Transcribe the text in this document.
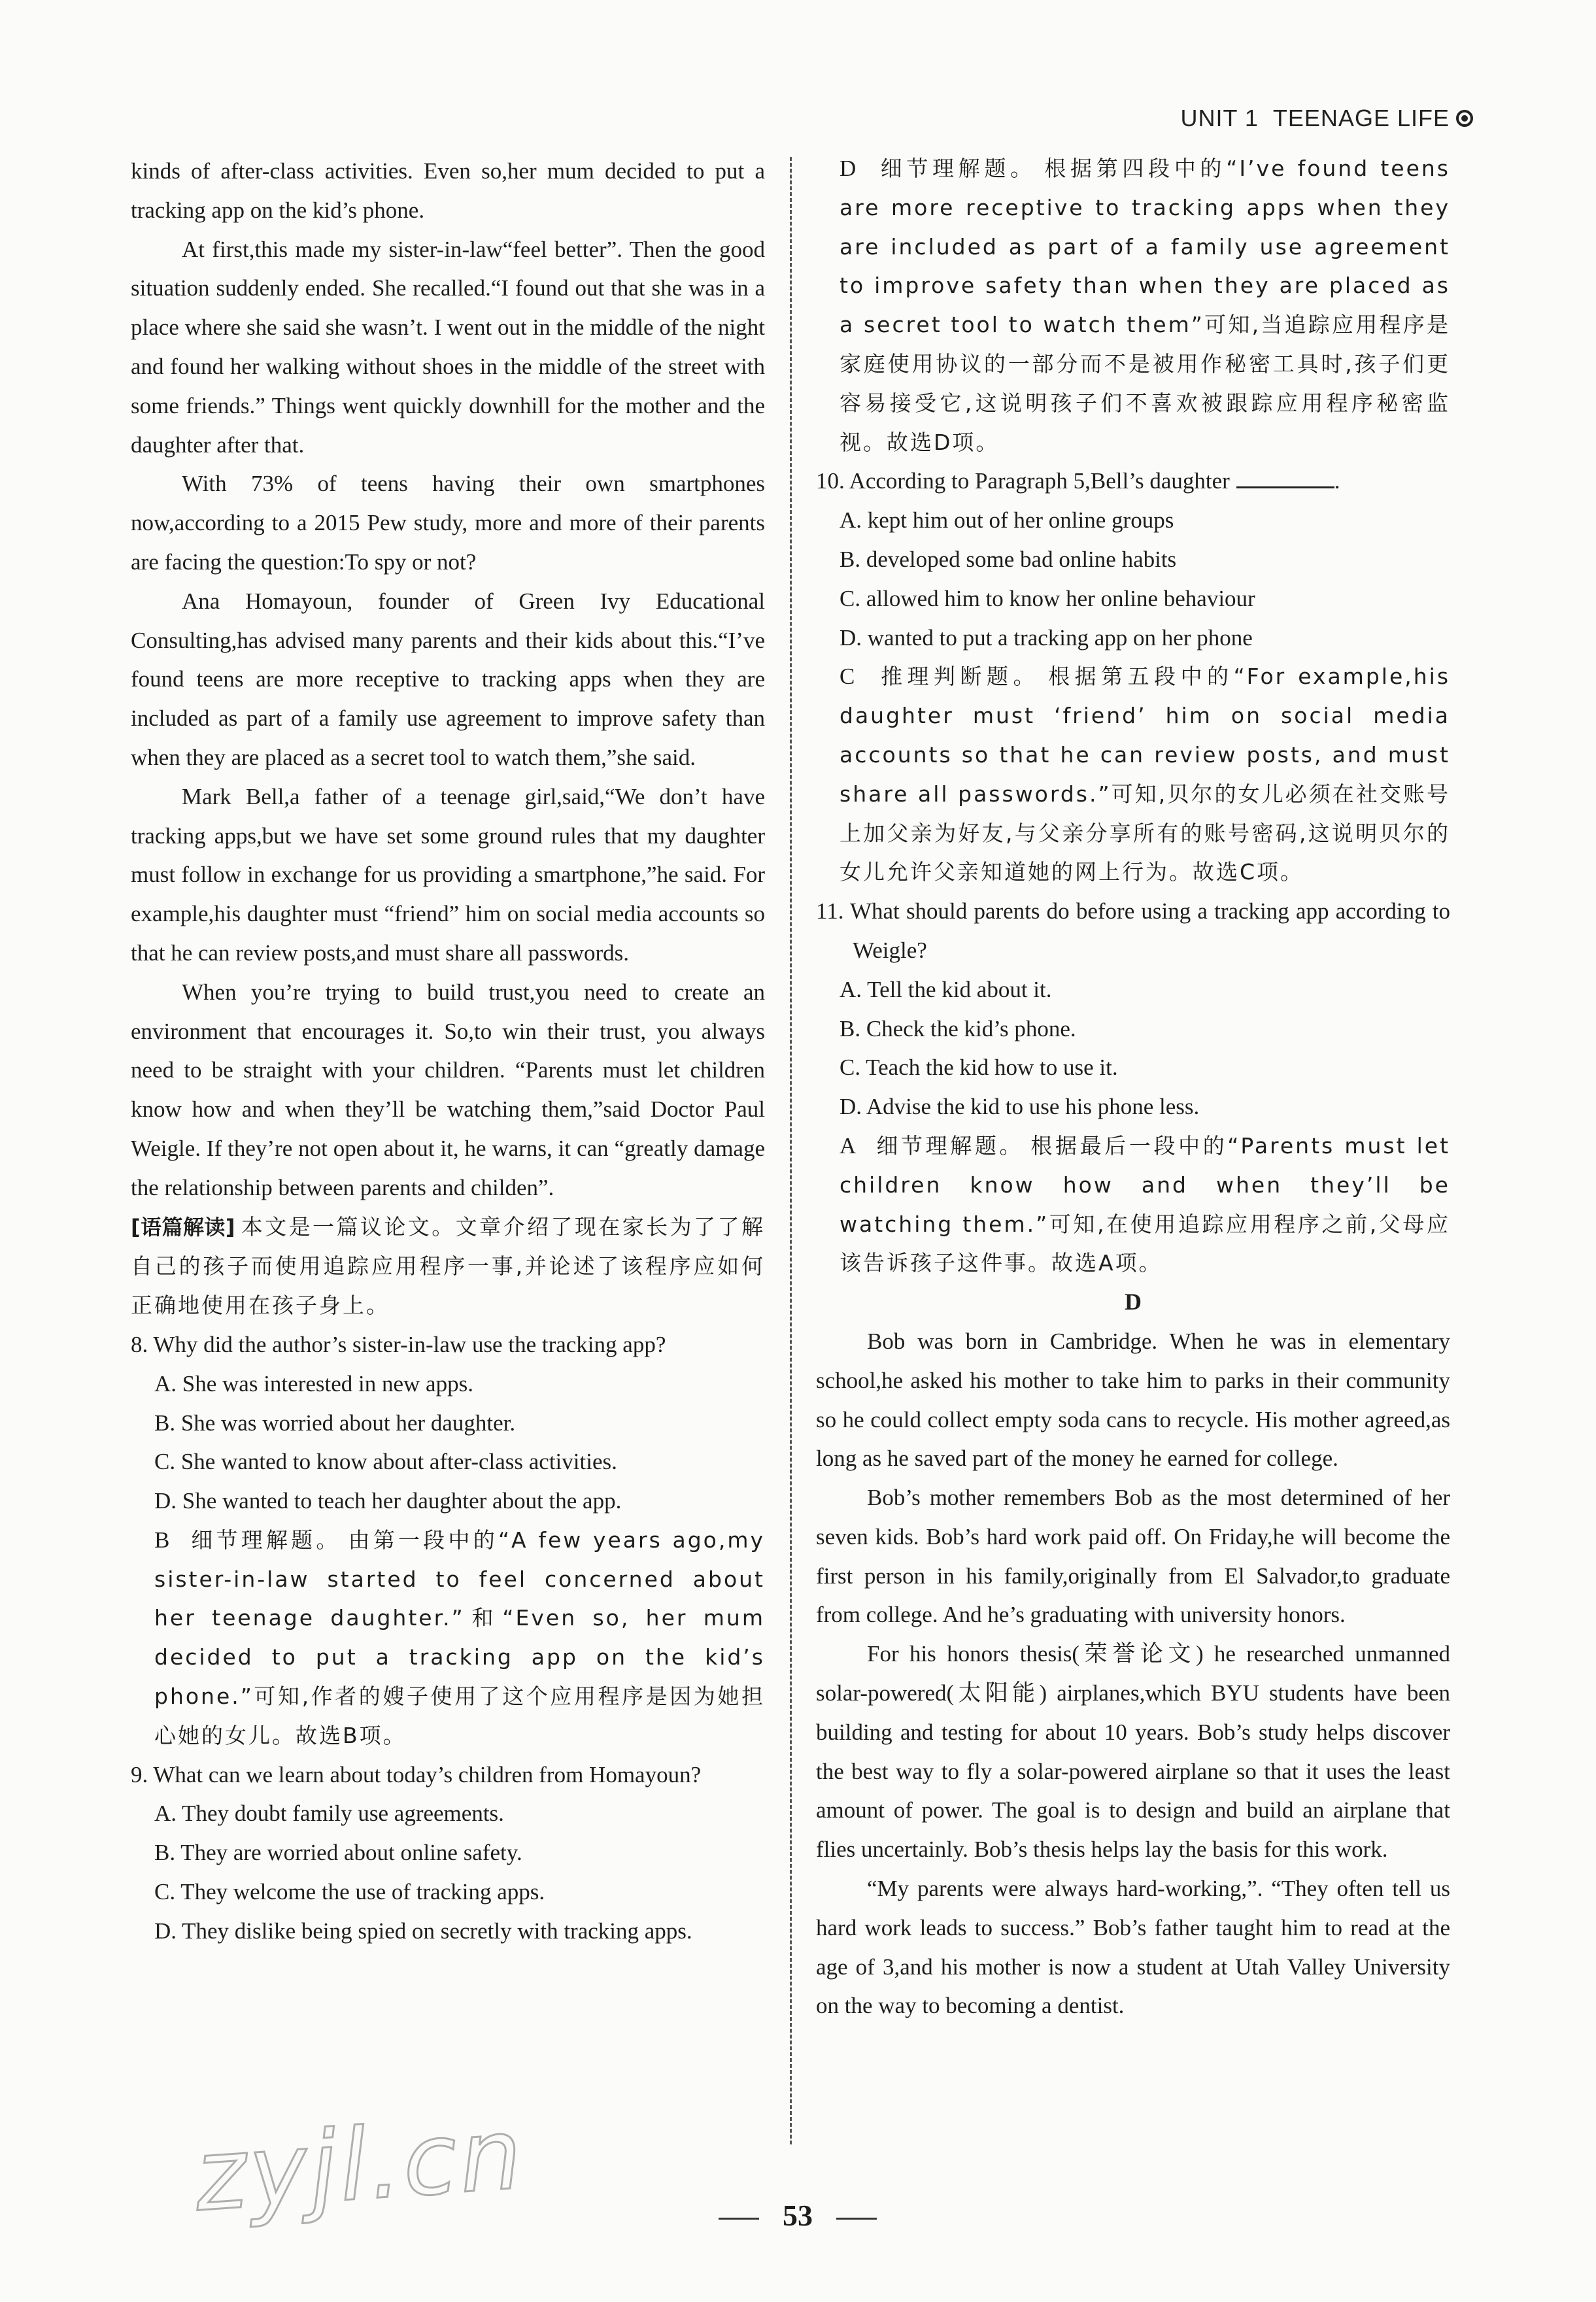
UNIT 1 TEENAGE LIFE

kinds of after-class activities. Even so,her mum decided to put a tracking app on the kid’s phone.

At first,this made my sister-in-law“feel better”. Then the good situation suddenly ended. She recalled.“I found out that she was in a place where she said she wasn’t. I went out in the middle of the night and found her walking without shoes in the middle of the street with some friends.” Things went quickly downhill for the mother and the daughter after that.

With 73% of teens having their own smartphones now,according to a 2015 Pew study, more and more of their parents are facing the question:To spy or not?

Ana Homayoun, founder of Green Ivy Educational Consulting,has advised many parents and their kids about this.“I’ve found teens are more receptive to tracking apps when they are included as part of a family use agreement to improve safety than when they are placed as a secret tool to watch them,”she said.

Mark Bell,a father of a teenage girl,said,“We don’t have tracking apps,but we have set some ground rules that my daughter must follow in exchange for us providing a smartphone,”he said. For example,his daughter must “friend” him on social media accounts so that he can review posts,and must share all passwords.

When you’re trying to build trust,you need to create an environment that encourages it. So,to win their trust, you always need to be straight with your children. “Parents must let children know how and when they’ll be watching them,”said Doctor Paul Weigle. If they’re not open about it, he warns, it can “greatly damage the relationship between parents and childen”.

[语篇解读] 本文是一篇议论文。文章介绍了现在家长为了了解自己的孩子而使用追踪应用程序一事,并论述了该程序应如何正确地使用在孩子身上。

8. Why did the author’s sister-in-law use the tracking app?

A. She was interested in new apps.

B. She was worried about her daughter.

C. She wanted to know about after-class activities.

D. She wanted to teach her daughter about the app.

B 细节理解题。 由第一段中的“A few years ago,my sister-in-law started to feel concerned about her teenage daughter.”和“Even so, her mum decided to put a tracking app on the kid’s phone.”可知,作者的嫂子使用了这个应用程序是因为她担心她的女儿。故选B项。

9. What can we learn about today’s children from Homayoun?

A. They doubt family use agreements.

B. They are worried about online safety.

C. They welcome the use of tracking apps.

D. They dislike being spied on secretly with tracking apps.

D 细节理解题。 根据第四段中的“I’ve found teens are more receptive to tracking apps when they are included as part of a family use agreement to improve safety than when they are placed as a secret tool to watch them”可知,当追踪应用程序是家庭使用协议的一部分而不是被用作秘密工具时,孩子们更容易接受它,这说明孩子们不喜欢被跟踪应用程序秘密监视。故选D项。

10. According to Paragraph 5,Bell’s daughter	.

A. kept him out of her online groups

B. developed some bad online habits

C. allowed him to know her online behaviour

D. wanted to put a tracking app on her phone

C 推理判断题。 根据第五段中的“For example,his daughter must ‘friend’ him on social media accounts so that he can review posts, and must share all passwords.”可知,贝尔的女儿必须在社交账号上加父亲为好友,与父亲分享所有的账号密码,这说明贝尔的女儿允许父亲知道她的网上行为。故选C项。

11. What should parents do before using a tracking app according to Weigle?

A. Tell the kid about it.

B. Check the kid’s phone.

C. Teach the kid how to use it.

D. Advise the kid to use his phone less.

A 细节理解题。 根据最后一段中的“Parents must let children know how and when they’ll be watching them.”可知,在使用追踪应用程序之前,父母应该告诉孩子这件事。故选A项。

D

Bob was born in Cambridge. When he was in elementary school,he asked his mother to take him to parks in their community so he could collect empty soda cans to recycle. His mother agreed,as long as he saved part of the money he earned for college.

Bob’s mother remembers Bob as the most determined of her seven kids. Bob’s hard work paid off. On Friday,he will become the first person in his family,originally from El Salvador,to graduate from college. And he’s graduating with university honors.

For his honors thesis(荣誉论文) he researched unmanned solar-powered(太阳能) airplanes,which BYU students have been building and testing for about 10 years. Bob’s study helps discover the best way to fly a solar-powered airplane so that it uses the least amount of power. The goal is to design and build an airplane that flies uncertainly. Bob’s thesis helps lay the basis for this work.

“My parents were always hard-working,”. “They often tell us hard work leads to success.” Bob’s father taught him to read at the age of 3,and his mother is now a student at Utah Valley University on the way to becoming a dentist.

zyjl.cn	53
